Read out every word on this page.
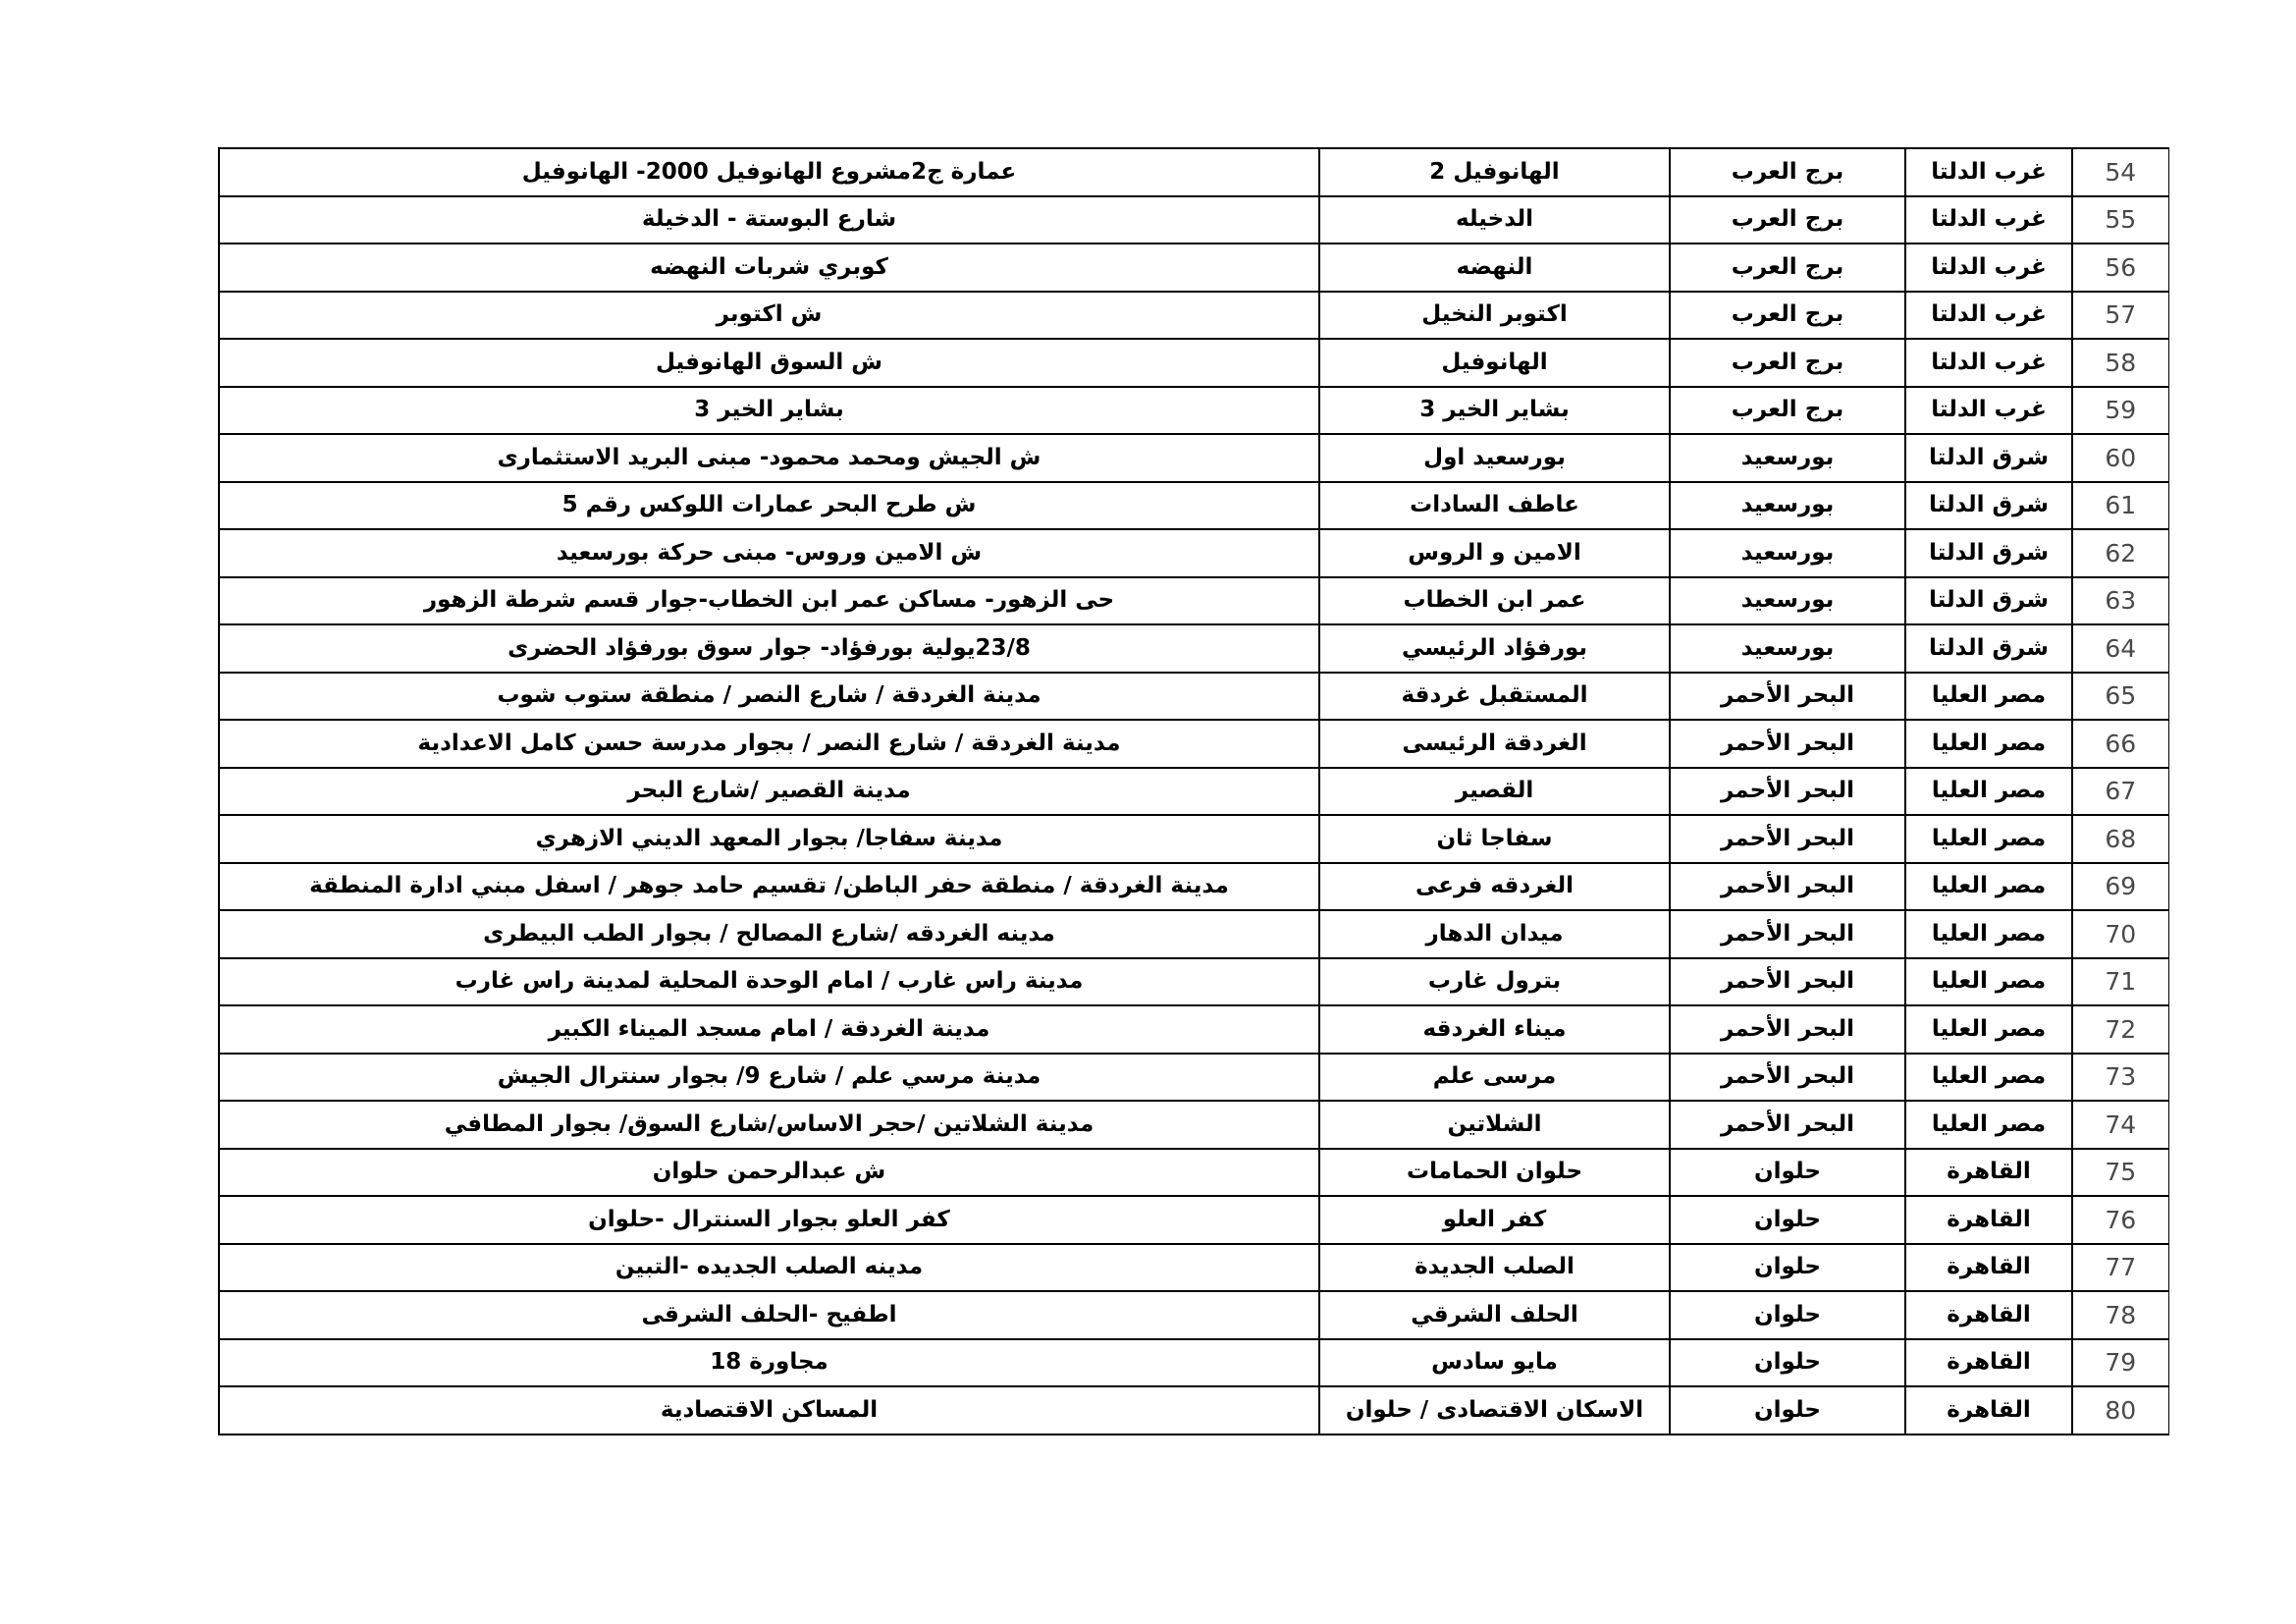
54	غرب الدلتا	برج العرب	الهانوفيل 2	عمارة ج2مشروع الهانوفيل 2000- الهانوفيل
55	غرب الدلتا	برج العرب	الدخيله	شارع البوستة - الدخيلة
56	غرب الدلتا	برج العرب	النهضه	كوبري شربات النهضه
57	غرب الدلتا	برج العرب	اكتوبر النخيل	ش اكتوبر
58	غرب الدلتا	برج العرب	الهانوفيل	ش السوق الهانوفيل
59	غرب الدلتا	برج العرب	بشاير الخير 3	بشاير الخير 3
60	شرق الدلتا	بورسعيد	بورسعيد اول	ش الجيش ومحمد محمود- مبنى البريد الاستثمارى
61	شرق الدلتا	بورسعيد	عاطف السادات	ش طرح البحر عمارات اللوكس رقم 5
62	شرق الدلتا	بورسعيد	الامين و الروس	ش الامين وروس- مبنى حركة بورسعيد
63	شرق الدلتا	بورسعيد	عمر ابن الخطاب	حى الزهور- مساكن عمر ابن الخطاب-جوار قسم شرطة الزهور
64	شرق الدلتا	بورسعيد	بورفؤاد الرئيسي	23/8يولية بورفؤاد- جوار سوق بورفؤاد الحضرى
65	مصر العليا	البحر الأحمر	المستقبل غردقة	مدينة الغردقة / شارع النصر / منطقة ستوب شوب
66	مصر العليا	البحر الأحمر	الغردقة الرئيسى	مدينة الغردقة / شارع النصر / بجوار مدرسة حسن كامل الاعدادية
67	مصر العليا	البحر الأحمر	القصير	مدينة القصير /شارع البحر
68	مصر العليا	البحر الأحمر	سفاجا ثان	مدينة سفاجا/ بجوار المعهد الديني الازهري
69	مصر العليا	البحر الأحمر	الغردقه فرعى	مدينة الغردقة / منطقة حفر الباطن/ تقسيم حامد جوهر / اسفل مبني ادارة المنطقة
70	مصر العليا	البحر الأحمر	ميدان الدهار	مدينه الغردقه /شارع المصالح / بجوار الطب البيطرى
71	مصر العليا	البحر الأحمر	بترول غارب	مدينة راس غارب / امام الوحدة المحلية لمدينة راس غارب
72	مصر العليا	البحر الأحمر	ميناء الغردقه	مدينة الغردقة / امام مسجد الميناء الكبير
73	مصر العليا	البحر الأحمر	مرسى علم	مدينة مرسي علم / شارع 9/ بجوار سنترال الجيش
74	مصر العليا	البحر الأحمر	الشلاتين	مدينة الشلاتين /حجر الاساس/شارع السوق/ بجوار المطافي
75	القاهرة	حلوان	حلوان الحمامات	ش عبدالرحمن حلوان
76	القاهرة	حلوان	كفر العلو	كفر العلو بجوار السنترال -حلوان
77	القاهرة	حلوان	الصلب الجديدة	مدينه الصلب الجديده -التبين
78	القاهرة	حلوان	الحلف الشرقي	اطفيح -الحلف الشرقى
79	القاهرة	حلوان	مايو سادس	مجاورة 18
80	القاهرة	حلوان	الاسكان الاقتصادى / حلوان	المساكن الاقتصادية
